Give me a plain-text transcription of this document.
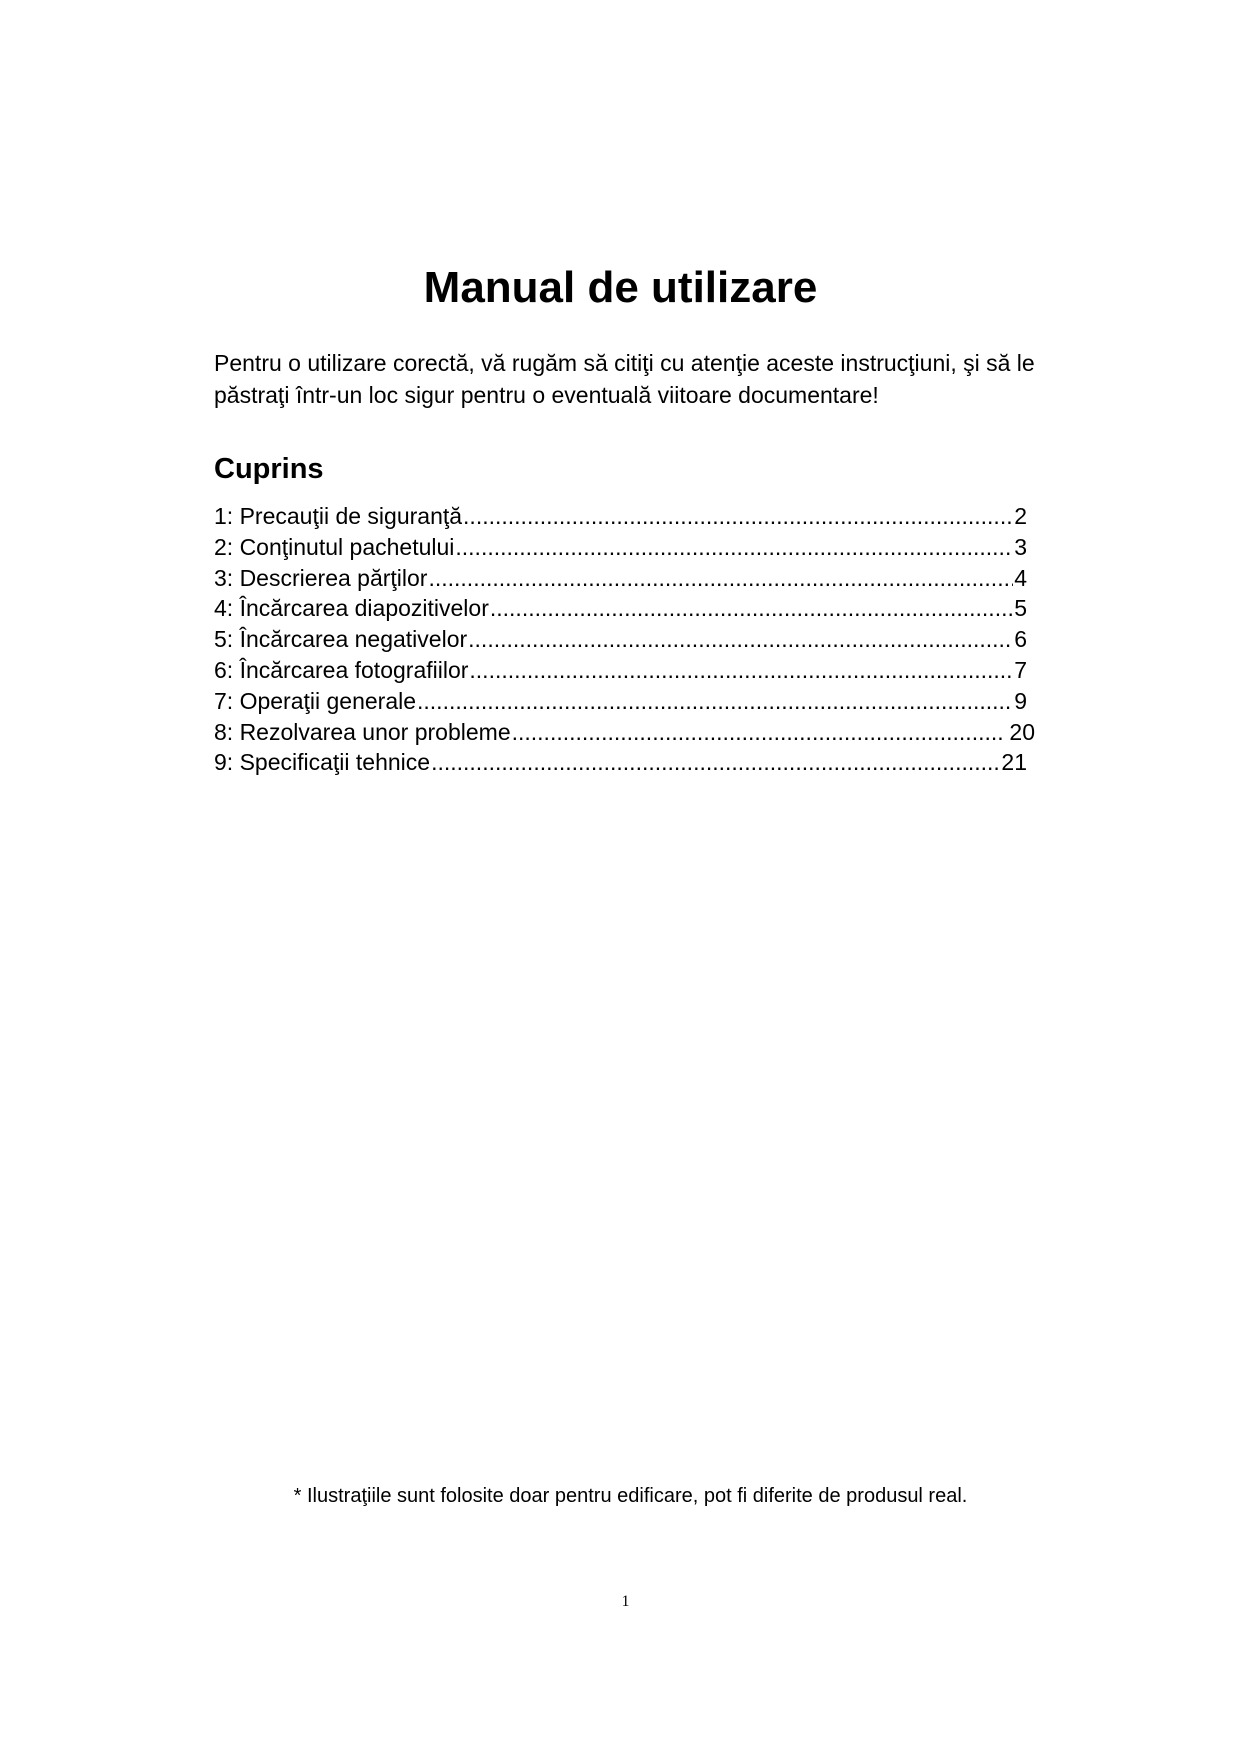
Manual de utilizare

Pentru o utilizare corectă, vă rugăm să citiţi cu atenţie aceste instrucţiuni, şi să le păstraţi într-un loc sigur pentru o eventuală viitoare documentare!

Cuprins
1: Precauţii de siguranţă .....	2
2: Conţinutul pachetului .....	3
3: Descrierea părţilor .....	4
4: Încărcarea diapozitivelor .....	5
5: Încărcarea negativelor .....	6
6: Încărcarea fotografiilor .....	7
7: Operaţii generale .....	9
8: Rezolvarea unor probleme .....	20
9: Specificaţii tehnice .....	21

* Ilustraţiile sunt folosite doar pentru edificare, pot fi diferite de produsul real.

1
